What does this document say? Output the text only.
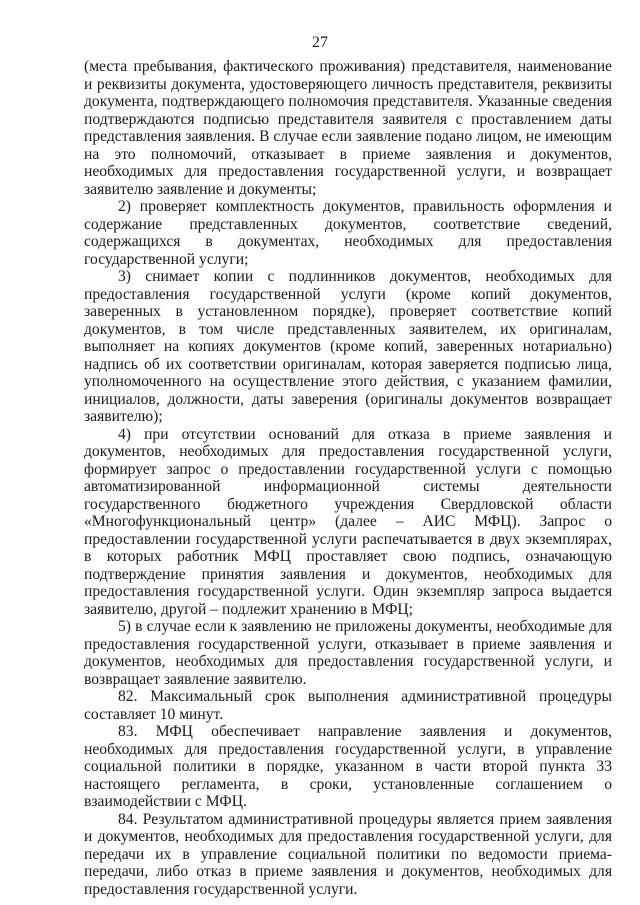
27

(места пребывания, фактического проживания) представителя, наименование и реквизиты документа, удостоверяющего личность представителя, реквизиты документа, подтверждающего полномочия представителя. Указанные сведения подтверждаются подписью представителя заявителя с проставлением даты представления заявления. В случае если заявление подано лицом, не имеющим на это полномочий, отказывает в приеме заявления и документов, необходимых для предоставления государственной услуги, и возвращает заявителю заявление и документы;

2) проверяет комплектность документов, правильность оформления и содержание представленных документов, соответствие сведений, содержащихся в документах, необходимых для предоставления государственной услуги;

3) снимает копии с подлинников документов, необходимых для предоставления государственной услуги (кроме копий документов, заверенных в установленном порядке), проверяет соответствие копий документов, в том числе представленных заявителем, их оригиналам, выполняет на копиях документов (кроме копий, заверенных нотариально) надпись об их соответствии оригиналам, которая заверяется подписью лица, уполномоченного на осуществление этого действия, с указанием фамилии, инициалов, должности, даты заверения (оригиналы документов возвращает заявителю);

4) при отсутствии оснований для отказа в приеме заявления и документов, необходимых для предоставления государственной услуги, формирует запрос о предоставлении государственной услуги с помощью автоматизированной информационной системы деятельности государственного бюджетного учреждения Свердловской области «Многофункциональный центр» (далее – АИС МФЦ). Запрос о предоставлении государственной услуги распечатывается в двух экземплярах, в которых работник МФЦ проставляет свою подпись, означающую подтверждение принятия заявления и документов, необходимых для предоставления государственной услуги. Один экземпляр запроса выдается заявителю, другой – подлежит хранению в МФЦ;

5) в случае если к заявлению не приложены документы, необходимые для предоставления государственной услуги, отказывает в приеме заявления и документов, необходимых для предоставления государственной услуги, и возвращает заявление заявителю.

82. Максимальный срок выполнения административной процедуры составляет 10 минут.

83. МФЦ обеспечивает направление заявления и документов, необходимых для предоставления государственной услуги, в управление социальной политики в порядке, указанном в части второй пункта 33 настоящего регламента, в сроки, установленные соглашением о взаимодействии с МФЦ.

84. Результатом административной процедуры является прием заявления и документов, необходимых для предоставления государственной услуги, для передачи их в управление социальной политики по ведомости приема-передачи, либо отказ в приеме заявления и документов, необходимых для предоставления государственной услуги.
